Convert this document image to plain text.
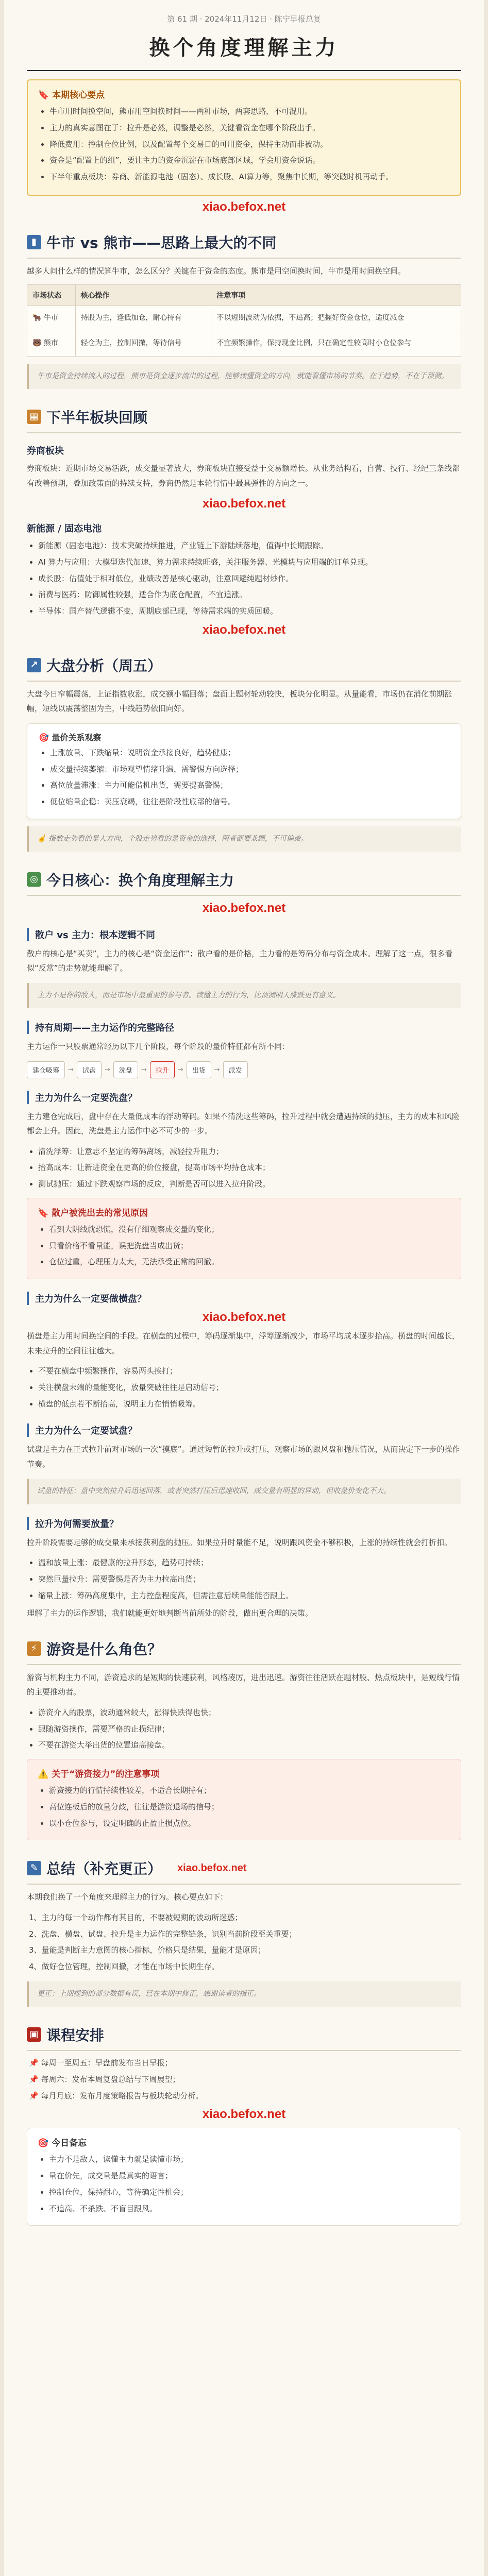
第 61 期 · 2024年11月12日 · 陈宁早报总复
换个角度理解主力
🔖 本期核心要点
• 牛市用时间换空间，熊市用空间换时间——两种市场，两套思路，不可混用。
• 主力的真实意图在于：拉升是必然，调整是必然，关键看资金在哪个阶段出手。
• 降低费用：控制仓位比例，以及配置每个交易日的可用资金，保持主动而非被动。
• 资金是“配置上的组”，要让主力的资金沉淀在市场底部区域，学会用资金说话。
• 下半年重点板块：券商、新能源电池（固态）、成长股、AI算力等，聚焦中长期，等突破时机再动手。
xiao.befox.net
▮ 牛市 vs 熊市——思路上最大的不同

越多人问什么样的情况算牛市，怎么区分？关键在于资金的态度。熊市是用空间换时间，牛市是用时间换空间。

市场状态	核心操作	注意事项
🐂 牛市	持股为主，逢低加仓，耐心持有	不以短期波动为依据，不追高；把握好资金仓位，适度减仓
🐻 熊市	轻仓为主，控制回撤，等待信号	不宜频繁操作，保持现金比例，只在确定性较高时小仓位参与
牛市是资金持续流入的过程，熊市是资金逐步流出的过程，能够读懂资金的方向，就能看懂市场的节奏。在于趋势，不在于预测。
▦ 下半年板块回顾
券商板块

券商板块：近期市场交易活跃，成交量显著放大，券商板块直接受益于交易额增长。从业务结构看，自营、投行、经纪三条线都有改善预期，叠加政策面的持续支持，券商仍然是本轮行情中最具弹性的方向之一。

xiao.befox.net
新能源 / 固态电池
• 新能源（固态电池）：技术突破持续推进，产业链上下游陆续落地，值得中长期跟踪。
• AI 算力与应用：大模型迭代加速，算力需求持续旺盛，关注服务器、光模块与应用端的订单兑现。
• 成长股：估值处于相对低位，业绩改善是核心驱动，注意回避纯题材炒作。
• 消费与医药：防御属性较强，适合作为底仓配置，不宜追涨。
• 半导体：国产替代逻辑不变，周期底部已现，等待需求端的实质回暖。
xiao.befox.net
↗ 大盘分析（周五）

大盘今日窄幅震荡，上证指数收涨，成交额小幅回落；盘面上题材轮动较快，板块分化明显。从量能看，市场仍在消化前期涨幅，短线以震荡整固为主，中线趋势依旧向好。

🎯 量价关系观察
• 上涨放量、下跌缩量：说明资金承接良好，趋势健康；
• 成交量持续萎缩：市场观望情绪升温，需警惕方向选择；
• 高位放量滞涨：主力可能借机出货，需要提高警惕；
• 低位缩量企稳：卖压衰竭，往往是阶段性底部的信号。
☝️ 指数走势看的是大方向，个股走势看的是资金的选择，两者都要兼顾，不可偏废。
◎ 今日核心：换个角度理解主力
xiao.befox.net
散户 vs 主力：根本逻辑不同

散户的核心是“买卖”，主力的核心是“资金运作”；散户看的是价格，主力看的是筹码分布与资金成本。理解了这一点，很多看似“反常”的走势就能理解了。

主力不是你的敌人，而是市场中最重要的参与者。读懂主力的行为，比预测明天涨跌更有意义。
持有周期——主力运作的完整路径

主力运作一只股票通常经历以下几个阶段，每个阶段的量价特征都有所不同：

建仓吸筹	→	试盘	→	洗盘	→	拉升	→	出货	→	派发
主力为什么一定要洗盘？

主力建仓完成后，盘中存在大量低成本的浮动筹码。如果不清洗这些筹码，拉升过程中就会遭遇持续的抛压，主力的成本和风险都会上升。因此，洗盘是主力运作中必不可少的一步。

• 清洗浮筹：让意志不坚定的筹码离场，减轻拉升阻力；
• 抬高成本：让新进资金在更高的价位接盘，提高市场平均持仓成本；
• 测试抛压：通过下跌观察市场的反应，判断是否可以进入拉升阶段。
🔖 散户被洗出去的常见原因
• 看到大阴线就恐慌，没有仔细观察成交量的变化；
• 只看价格不看量能，误把洗盘当成出货；
• 仓位过重，心理压力太大，无法承受正常的回撤。
主力为什么一定要做横盘？
xiao.befox.net

横盘是主力用时间换空间的手段。在横盘的过程中，筹码逐渐集中，浮筹逐渐减少，市场平均成本逐步抬高。横盘的时间越长，未来拉升的空间往往越大。

• 不要在横盘中频繁操作，容易两头挨打；
• 关注横盘末端的量能变化，放量突破往往是启动信号；
• 横盘的低点若不断抬高，说明主力在悄悄吸筹。
主力为什么一定要试盘？

试盘是主力在正式拉升前对市场的一次“摸底”。通过短暂的拉升或打压，观察市场的跟风盘和抛压情况，从而决定下一步的操作节奏。

试盘的特征：盘中突然拉升后迅速回落，或者突然打压后迅速收回，成交量有明显的异动，但收盘价变化不大。
拉升为何需要放量？

拉升阶段需要足够的成交量来承接获利盘的抛压。如果拉升时量能不足，说明跟风资金不够积极，上涨的持续性就会打折扣。

• 温和放量上涨：最健康的拉升形态，趋势可持续；
• 突然巨量拉升：需要警惕是否为主力拉高出货；
• 缩量上涨：筹码高度集中，主力控盘程度高，但需注意后续量能能否跟上。

理解了主力的运作逻辑，我们就能更好地判断当前所处的阶段，做出更合理的决策。

⚡ 游资是什么角色？

游资与机构主力不同，游资追求的是短期的快速获利，风格凌厉，进出迅速。游资往往活跃在题材股、热点板块中，是短线行情的主要推动者。

• 游资介入的股票，波动通常较大，涨得快跌得也快；
• 跟随游资操作，需要严格的止损纪律；
• 不要在游资大举出货的位置追高接盘。
⚠️ 关于“游资接力”的注意事项
• 游资接力的行情持续性较差，不适合长期持有；
• 高位连板后的放量分歧，往往是游资退场的信号；
• 以小仓位参与，设定明确的止盈止损点位。
✎ 总结（补充更正） xiao.befox.net

本期我们换了一个角度来理解主力的行为。核心要点如下：

1、主力的每一个动作都有其目的，不要被短期的波动所迷惑；
2、洗盘、横盘、试盘、拉升是主力运作的完整链条，识别当前阶段至关重要；
3、量能是判断主力意图的核心指标，价格只是结果，量能才是原因；
4、做好仓位管理，控制回撤，才能在市场中长期生存。
更正：上期提到的部分数据有误，已在本期中修正，感谢读者的指正。
▣ 课程安排
📌 每周一至周五：早盘前发布当日早报；
📌 每周六：发布本周复盘总结与下周展望；
📌 每月月底：发布月度策略报告与板块轮动分析。
xiao.befox.net
🎯 今日备忘
• 主力不是敌人，读懂主力就是读懂市场；
• 量在价先，成交量是最真实的语言；
• 控制仓位，保持耐心，等待确定性机会；
• 不追高、不杀跌、不盲目跟风。
